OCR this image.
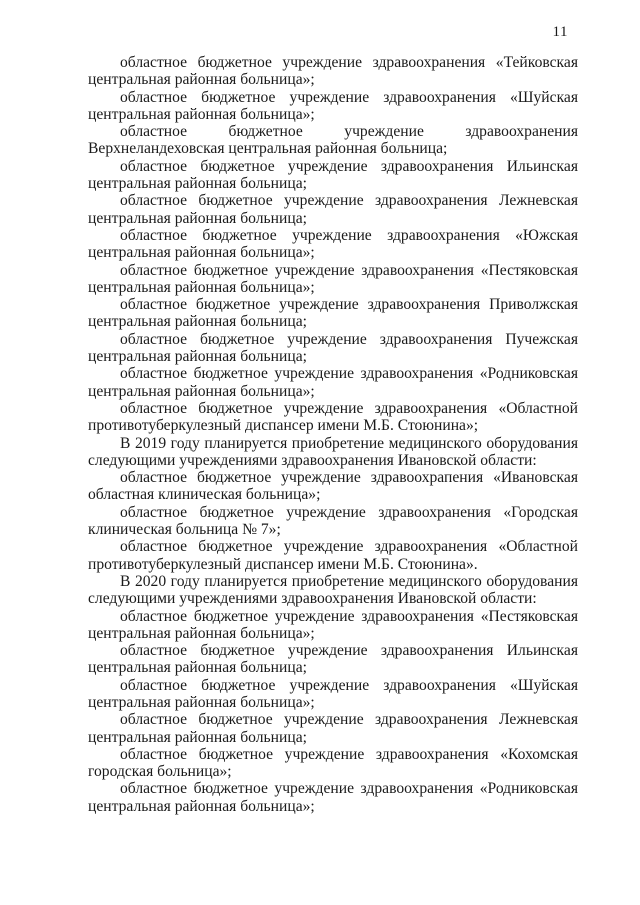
11

областное бюджетное учреждение здравоохранения «Тейковская центральная районная больница»;

областное бюджетное учреждение здравоохранения «Шуйская центральная районная больница»;

областное бюджетное учреждение здравоохранения Верхнеландеховская центральная районная больница;

областное бюджетное учреждение здравоохранения Ильинская центральная районная больница;

областное бюджетное учреждение здравоохранения Лежневская центральная районная больница;

областное бюджетное учреждение здравоохранения «Южская центральная районная больница»;

областное бюджетное учреждение здравоохранения «Пестяковская центральная районная больница»;

областное бюджетное учреждение здравоохранения Приволжская центральная районная больница;

областное бюджетное учреждение здравоохранения Пучежская центральная районная больница;

областное бюджетное учреждение здравоохранения «Родниковская центральная районная больница»;

областное бюджетное учреждение здравоохранения «Областной противотуберкулезный диспансер имени М.Б. Стоюнина»;

В 2019 году планируется приобретение медицинского оборудования следующими учреждениями здравоохранения Ивановской области:

областное бюджетное учреждение здравоохрапения «Ивановская областная клиническая больница»;

областное бюджетное учреждение здравоохранения «Городская клиническая больница № 7»;

областное бюджетное учреждение здравоохранения «Областной противотуберкулезный диспансер имени М.Б. Стоюнина».

В 2020 году планируется приобретение медицинского оборудования следующими учреждениями здравоохранения Ивановской области:

областное бюджетное учреждение здравоохранения «Пестяковская центральная районная больница»;

областное бюджетное учреждение здравоохранения Ильинская центральная районная больница;

областное бюджетное учреждение здравоохранения «Шуйская центральная районная больница»;

областное бюджетное учреждение здравоохранения Лежневская центральная районная больница;

областное бюджетное учреждение здравоохранения «Кохомская городская больница»;

областное бюджетное учреждение здравоохранения «Родниковская центральная районная больница»;
